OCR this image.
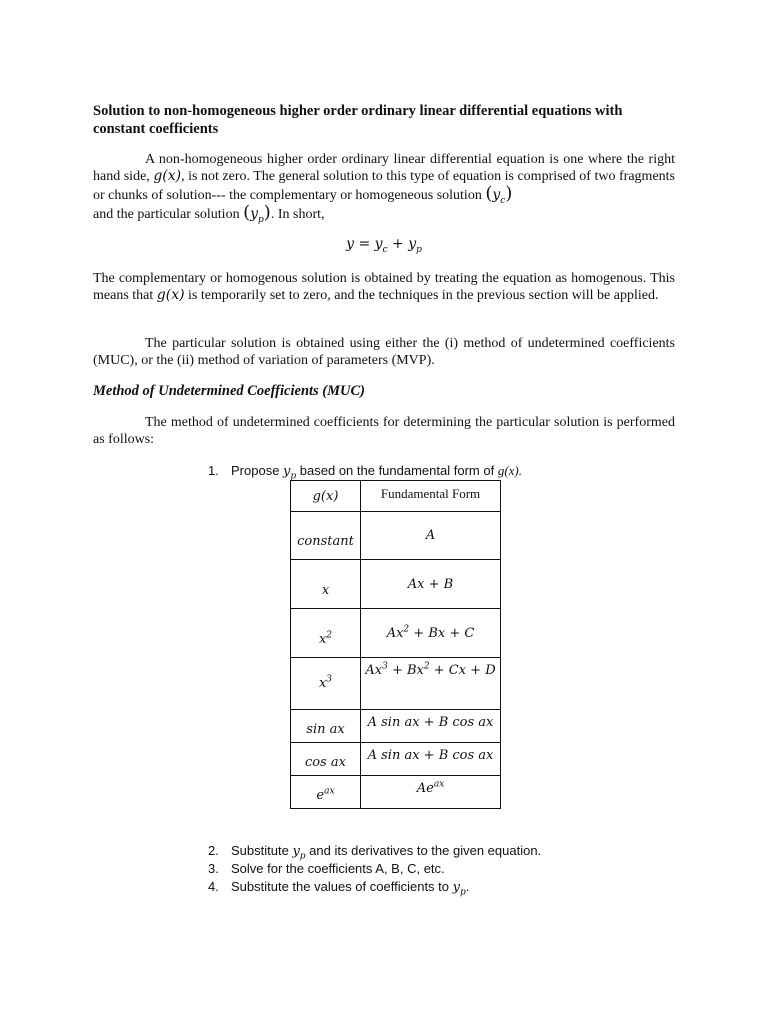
Solution to non-homogeneous higher order ordinary linear differential equations with constant coefficients

A non-homogeneous higher order ordinary linear differential equation is one where the right hand side, g(x), is not zero. The general solution to this type of equation is comprised of two fragments or chunks of solution--- the complementary or homogeneous solution $(y_c)$
and the particular solution $(y_p)$. In short,

$y = y_c + y_p$

The complementary or homogenous solution is obtained by treating the equation as homogenous. This means that g(x) is temporarily set to zero, and the techniques in the previous section will be applied.

The particular solution is obtained using either the (i) method of undetermined coefficients (MUC), or the (ii) method of variation of parameters (MVP).

Method of Undetermined Coefficients (MUC)

The method of undetermined coefficients for determining the particular solution is performed as follows:

1. Propose $y_p$ based on the fundamental form of g(x).
g(x)	Fundamental Form
constant	A
x	Ax + B
$x^2$	$Ax^2 + Bx + C$
$x^3$	$Ax^3 + Bx^2 + Cx + D$
sin ax	A sin ax + B cos ax
cos ax	A sin ax + B cos ax
$e^{ax}$	$Ae^{ax}$
2. Substitute $y_p$ and its derivatives to the given equation.
3. Solve for the coefficients A, B, C, etc.
4. Substitute the values of coefficients to $y_p$.
